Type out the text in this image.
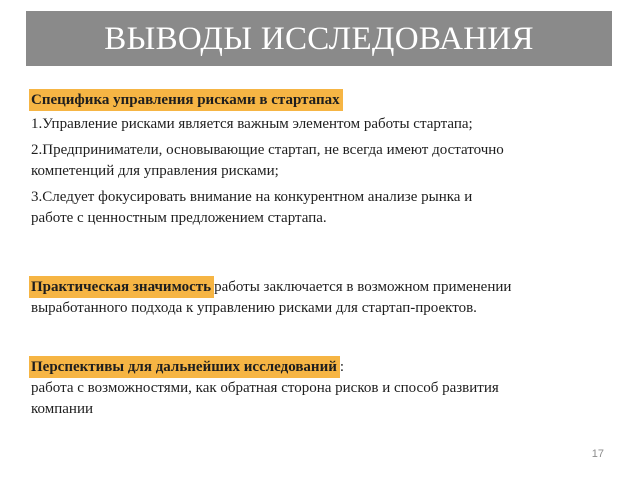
ВЫВОДЫ ИССЛЕДОВАНИЯ
Специфика управления рисками в стартапах
1.Управление рисками является важным элементом работы стартапа;
2.Предприниматели, основывающие стартап, не всегда имеют достаточно
компетенций для управления рисками;
3.Следует фокусировать внимание на конкурентном анализе рынка и
работе с ценностным предложением стартапа.
Практическая значимость работы заключается в возможном применении
выработанного подхода к управлению рисками для стартап-проектов.
Перспективы для дальнейших исследований :
работа с возможностями, как обратная сторона рисков и способ развития
компании
17
